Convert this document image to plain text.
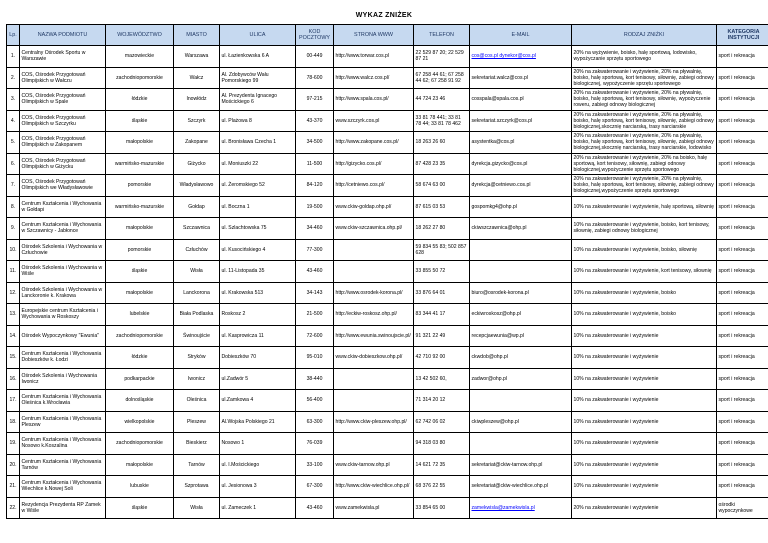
WYKAZ ZNIŻEK
Lp.	NAZWA PODMIOTU	WOJEWÓDZTWO	MIASTO	ULICA	KOD POCZTOWY	STRONA WWW	TELEFON	E-MAIL	RODZAJ ZNIŻKI	KATEGORIA INSTYTUCJI
1.	Centralny Ośrodek Sportu w Warszawie	mazowieckie	Warszawa	ul. Łazienkowska 6 A	00-449	http://www.torwar.cos.pl	22 529 87 20; 22 529 87 21	cos@cos.pl dynekor@cos.pl	20% na wyżywienie, boisko, halę sportową, lodowisko, wypożyczanie sprzętu sportowego	sport i rekreacja
2.	COS, Ośrodek Przygotowań Olimpijskich w Wałczu	zachodniopomorskie	Wałcz	Al. Zdobywców Wału Pomorskiego 99	78-600	http://www.walcz.cos.pl/	67 258 44 61; 67 258 44 62; 67 258 91 92	sekretariat.walcz@cos.pl	20% na zakwaterowanie i wyżywienie, 20% na pływalnię, boisko, halę sportową, kort tenisowy, siłownię, zabiegi odnowy biologicznej, wypożyczenie sprzętu sportowego	sport i rekreacja
3.	COS, Ośrodek Przygotowań Olimpijskich w Spale	łódzkie	Inowłódz	Al. Prezydenta Ignacego Mościckiego 6	97-215	http://www.spala.cos.pl/	44 724 23 46	cosspala@spala.cos.pl	20% na zakwaterowanie i wyżywienie, 20% na pływalnię, boisko, halę sportową, kort tenisowy, siłownię, wypożyczenie roweru, zabiegi odnowy biologicznej	sport i rekreacja
4.	COS, Ośrodek Przygotowań Olimpijskich w Szczyrku	śląskie	Szczyrk	ul. Plażowa 8	43-370	www.szczyrk.cos.pl	33 81 78 441; 33 81 78 44; 33 81 78 462	sekretariat.szczyrk@cos.pl	20% na zakwaterowanie i wyżywienie, 20% na pływalnię, boisko, halę sportową, kort tenisowy, siłownię, zabiegi odnowy biologicznej,skocznię narciarską, trasy narciarskie	sport i rekreacja
5.	COS, Ośrodek Przygotowań Olimpijskich w Zakopanem	małopolskie	Zakopane	ul. Bronisława Czecha 1	34-500	http://www.zakopane.cos.pl/	18 263 26 60	asystentka@cos.pl	20% na zakwaterowanie i wyżywienie, 20% na pływalnię, boisko, halę sportową, kort tenisowy, siłownię, zabiegi odnowy biologicznej,skocznię narciarską, trasy narciarskie, lodowisko	sport i rekreacja
6.	COS, Ośrodek Przygotowań Olimpijskich w Giżycku	warmińsko-mazurskie	Giżycko	ul. Moniuszki 22	11-500	http://gizycko.cos.pl/	87 428 23 35	dyrekcja.gizycko@cos.pl	20% na zakwaterowanie i wyżywienie, 20% na boisko, halę sportową, kort tenisowy, siłownię, zabiegi odnowy biologicznej,wypożyczenie sprzętu sportowego	sport i rekreacja
7.	COS, Ośrodek Przygotowań Olimpijskich we Władysławowie	pomorskie	Władysławowo	ul. Żeromskiego 52	84-120	http://cetniewo.cos.pl/	58 674 63 00	dyrekcja@cetniewo.cos.pl	20% na zakwaterowanie i wyżywienie, 20% na pływalnię, boisko, halę sportową, kort tenisowy, siłownię, zabiegi odnowy biologicznej,wypożyczenie sprzętu sportowego	sport i rekreacja
8.	Centrum Kształcenia i Wychowania w Gołdapi	warmińsko-mazurskie	Gołdap	ul. Boczna 1	19-500	www.ckiw-goldap.ohp.pl/	87 615 03 53	gospomkg4@ohp.pl	10% na zakwaterowanie i wyżywienie, halę sportową, siłownię	sport i rekreacja
9.	Centrum Kształcenia i Wychowania w Szczawnicy - Jabłonce	małopolskie	Szczawnica	ul. Szlachtowska 75	34-460	www.ckiw-szczawnica.ohp.pl/	18 262 27 80	ckiwszczawnica@ohp.pl	10% na zakwaterowanie i wyżywienie, boisko, kort tenisowy, siłownię, zabiegi odnowy biologicznej	sport i rekreacja
10.	Ośrodek Szkolenia i Wychowania w Człuchowie	pomorskie	Człuchów	ul. Kusocińskiego 4	77-300		59 834 55 83; 502 857 628		10% na zakwaterowanie i wyżywienie, boisko, siłownię	sport i rekreacja
11.	Ośrodek Szkolenia i Wychowania w Wiśle	śląskie	Wisła	ul. 11-Listopada 35	43-460		33 855 50 72		10% na zakwaterowanie i wyżywienie, kort tenisowy, siłownię	sport i rekreacja
12.	Ośrodek Szkolenia i Wychowania w Lanckoronie k. Krakowa	małopolskie	Lanckorona	ul. Krakowska 513	34-143	http://www.osrodek-korona.pl/	33 876 64 01	biuro@osrodek-korona.pl	10% na zakwaterowanie i wyżywienie, boisko	sport i rekreacja
13.	Europejskie centrum Kształcenia i Wychowania w Roskoszy	lubelskie	Biała Podlaska	Roskosz 2	21-500	http://eckiw-roskosz.ohp.pl/	83 344 41 17	eckiwroskosz@ohp.pl	10% na zakwaterowanie i wyżywienie, boisko	sport i rekreacja
14.	Ośrodek Wypoczynkowy "Ewunia"	zachodniopomorskie	Świnoujście	ul. Kasprowicza 11	72-600	http://www.ewunia.swinoujscie.pl/	91 321 22 49	recepcjaewunia@wp.pl	10% na zakwaterowanie i wyżywienie	sport i rekreacja
15.	Centrum Kształcenia i Wychowania Dobieszków k. Łodzi	łódzkie	Stryków	Dobieszków 70	95-010	www.ckiw-dobieszkow.ohp.pl/	42 710 92 00	ckwdob@ohp.pl	10% na zakwaterowanie i wyżywienie	sport i rekreacja
16.	Ośrodek Szkolenia i Wychowania Iwonicz	podkarpackie	Iwonicz	ul.Zadwór 5	38-440		13 42 502 60,	zadwor@ohp.pl	10% na zakwaterowanie i wyżywienie	sport i rekreacja
17.	Centrum Kształcenia i Wychowania Oleśnica k.Wrocławia	dolnośląskie	Oleśnica	ul.Zamkowa 4	56-400		71 314 20 12		10% na zakwaterowanie i wyżywienie	sport i rekreacja
18.	Centrum Kształcenia i Wychowania Pleszew	wielkopolskie	Pleszew	Al.Wojska Polskiego 21	63-300	http://www.ckiw-pleszew.ohp.pl/	62 742 06 02	ckiwpleszew@ohp.pl	10% na zakwaterowanie i wyżywienie	sport i rekreacja
19.	Centrum Kształcenia i Wychowania Nosowo k.Koszalina	zachodniopomorskie	Bieskierz	Nosowo 1	76-039		94 318 03 80		10% na zakwaterowanie i wyżywienie	sport i rekreacja
20.	Centrum Kształcenia i Wychowania Tarnów	małopolskie	Tarnów	ul. I.Mościckiego	33-100	www.ckiw-tarnow.ohp.pl	14 621 72 35	sekretariat@ckiw-tarnow.ohp.pl	10% na zakwaterowanie i wyżywienie	sport i rekreacja
21.	Centrum Kształcenia i Wychowania Wiechlice k.Nowej Soli	lubuskie	Szprotawa	ul. Jesionowa 3	67-300	http://www.ckiw-wiechlice.ohp.pl/	68 376 22 55	sekretariat@ckiw-wiechlice.ohp.pl	10% na zakwaterowanie i wyżywienie	sport i rekreacja
22.	Rezydencja Prezydenta RP Zamek w Wiśle	śląskie	Wisła	ul. Zameczek 1	43-460	www.zamekwisla.pl	33 854 65 00	zamekwisla@zamekwisla.pl	20% na zakwaterowanie i wyżywienie	ośrodki wypoczynkowe
